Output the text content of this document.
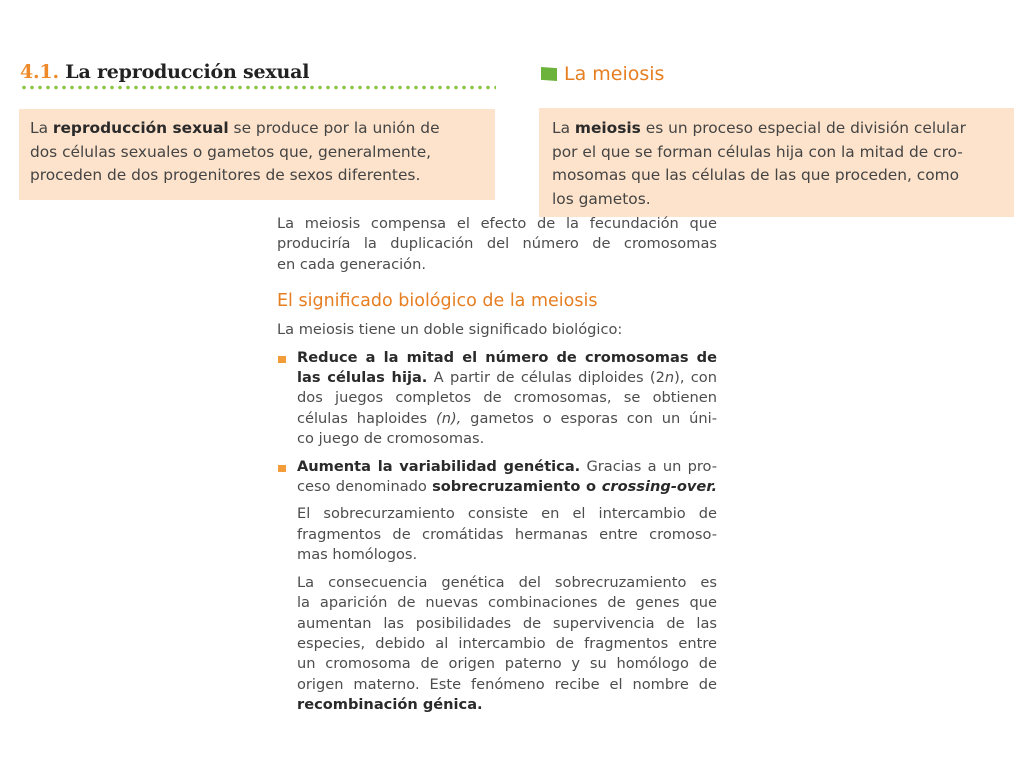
4.1. La reproducción sexual	La meiosis
La reproducción sexual se produce por la unión de
dos células sexuales o gametos que, generalmente,
proceden de dos progenitores de sexos diferentes.
La meiosis es un proceso especial de división celular
por el que se forman células hija con la mitad de cro-
mosomas que las células de las que proceden, como
los gametos.
La meiosis compensa el efecto de la fecundación que
produciría la duplicación del número de cromosomas
en cada generación.
El significado biológico de la meiosis
La meiosis tiene un doble significado biológico:
Reduce a la mitad el número de cromosomas de
las células hija. A partir de células diploides (2n), con
dos juegos completos de cromosomas, se obtienen
células haploides (n), gametos o esporas con un úni-
co juego de cromosomas.
Aumenta la variabilidad genética. Gracias a un pro-
ceso denominado sobrecruzamiento o crossing-over.
El sobrecurzamiento consiste en el intercambio de
fragmentos de cromátidas hermanas entre cromoso-
mas homólogos.
La consecuencia genética del sobrecruzamiento es
la aparición de nuevas combinaciones de genes que
aumentan las posibilidades de supervivencia de las
especies, debido al intercambio de fragmentos entre
un cromosoma de origen paterno y su homólogo de
origen materno. Este fenómeno recibe el nombre de
recombinación génica.
